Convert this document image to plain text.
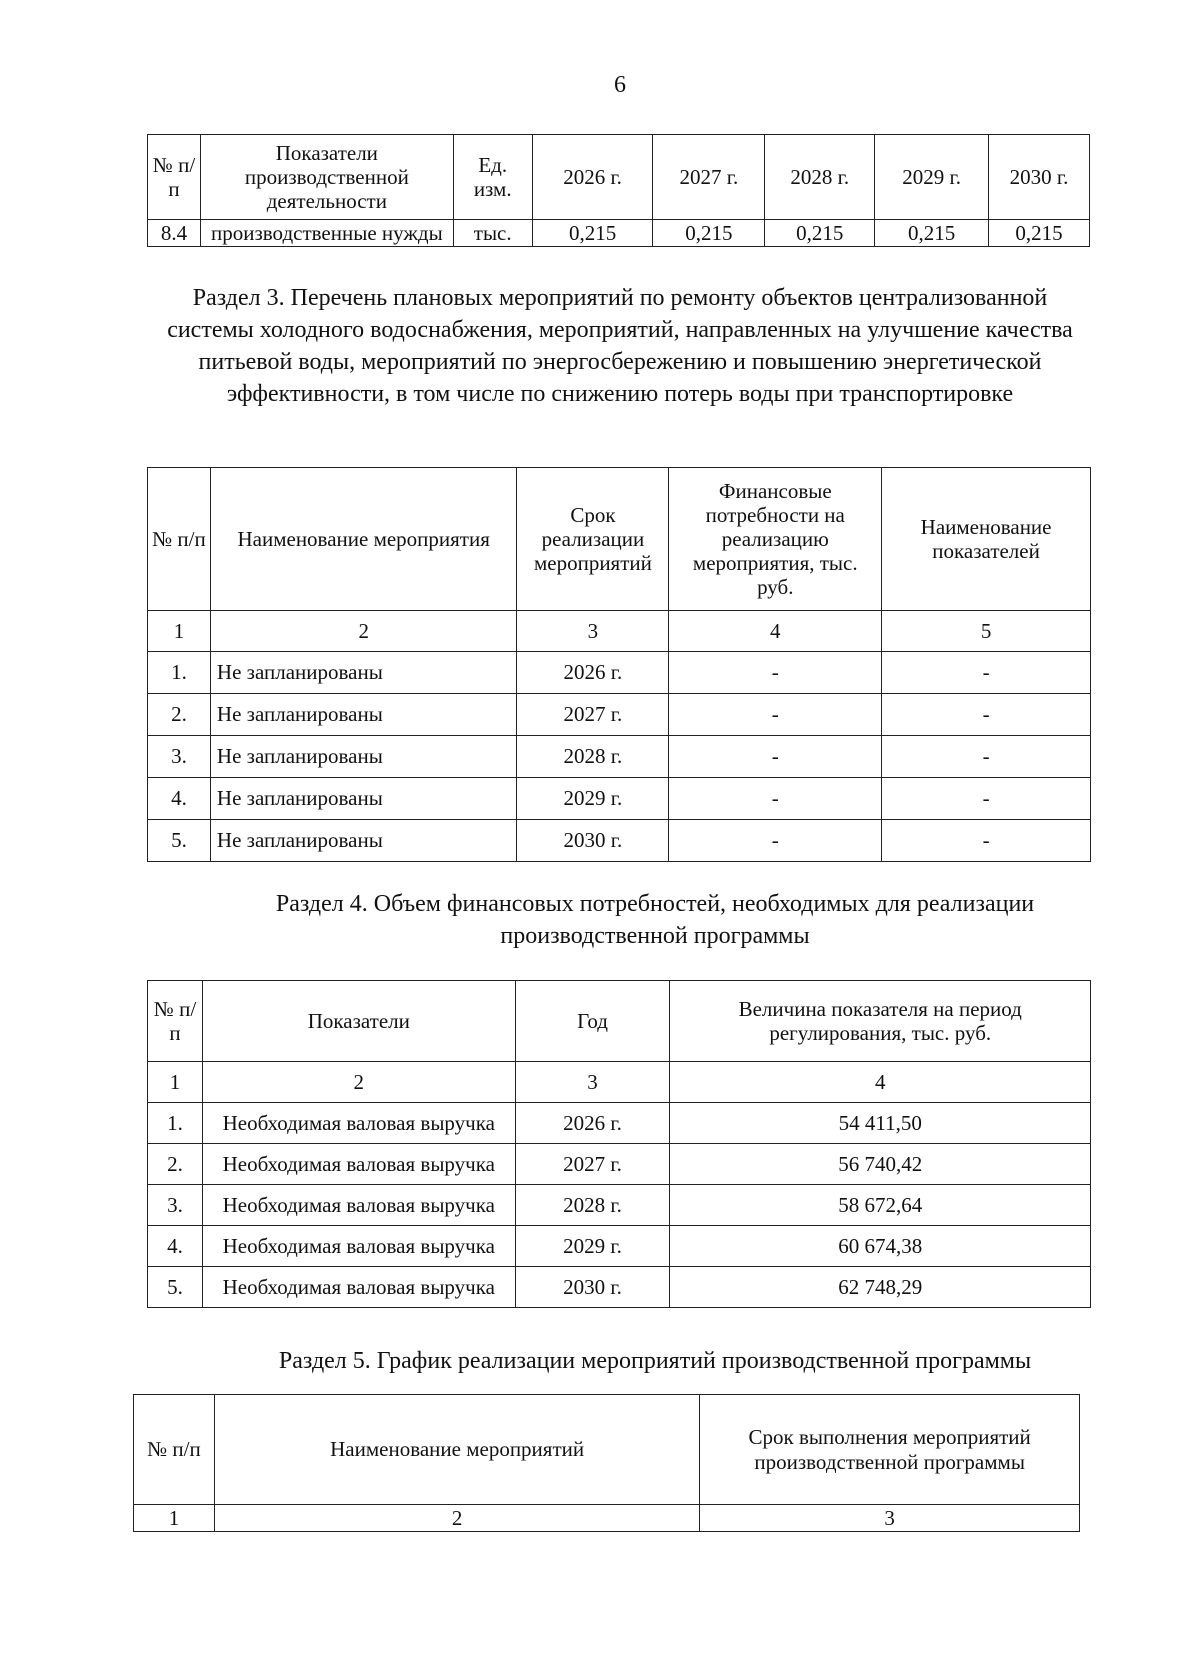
6
№ п/п	Показатели производственной деятельности	Ед. изм.	2026 г.	2027 г.	2028 г.	2029 г.	2030 г.
8.4	производственные нужды	тыс.	0,215	0,215	0,215	0,215	0,215
Раздел 3. Перечень плановых мероприятий по ремонту объектов централизованной системы холодного водоснабжения, мероприятий, направленных на улучшение качества питьевой воды, мероприятий по энергосбережению и повышению энергетической эффективности, в том числе по снижению потерь воды при транспортировке
№ п/п	Наименование мероприятия	Срок реализации мероприятий	Финансовые потребности на реализацию мероприятия, тыс. руб.	Наименование показателей
1	2	3	4	5
1.	Не запланированы	2026 г.	-	-
2.	Не запланированы	2027 г.	-	-
3.	Не запланированы	2028 г.	-	-
4.	Не запланированы	2029 г.	-	-
5.	Не запланированы	2030 г.	-	-
Раздел 4. Объем финансовых потребностей, необходимых для реализации производственной программы
№ п/п	Показатели	Год	Величина показателя на период регулирования, тыс. руб.
1	2	3	4
1.	Необходимая валовая выручка	2026 г.	54 411,50
2.	Необходимая валовая выручка	2027 г.	56 740,42
3.	Необходимая валовая выручка	2028 г.	58 672,64
4.	Необходимая валовая выручка	2029 г.	60 674,38
5.	Необходимая валовая выручка	2030 г.	62 748,29
Раздел 5. График реализации мероприятий производственной программы
№ п/п	Наименование мероприятий	Срок выполнения мероприятий производственной программы
1	2	3
